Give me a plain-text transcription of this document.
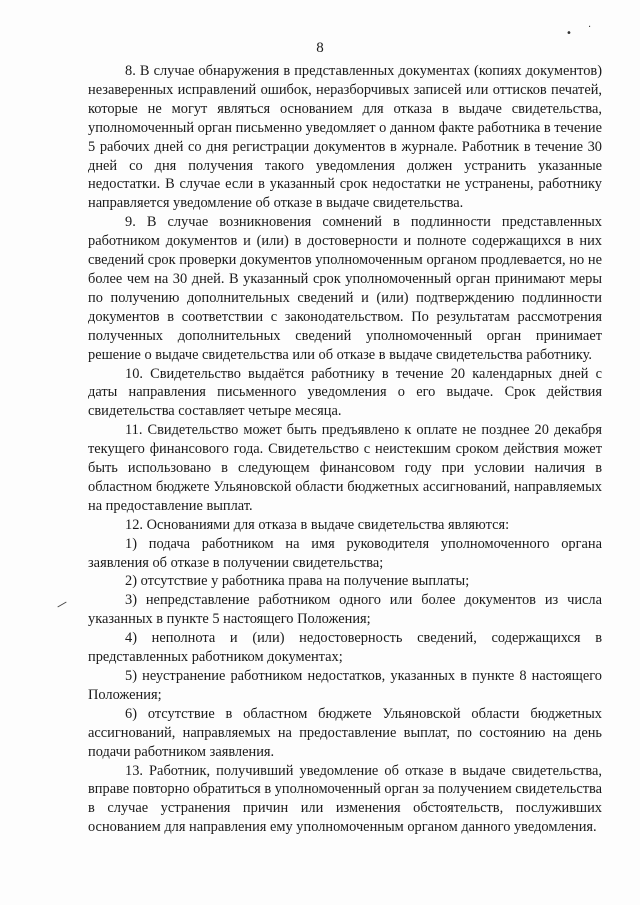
•
·
8

8. В случае обнаружения в представленных документах (копиях документов) незаверенных исправлений ошибок, неразборчивых записей или оттисков печатей, которые не могут являться основанием для отказа в выдаче свидетельства, уполномоченный орган письменно уведомляет о данном факте работника в течение 5 рабочих дней со дня регистрации документов в журнале. Работник в течение 30 дней со дня получения такого уведомления должен устранить указанные недостатки. В случае если в указанный срок недостатки не устранены, работнику направляется уведомление об отказе в выдаче свидетельства.

9. В случае возникновения сомнений в подлинности представленных работником документов и (или) в достоверности и полноте содержащихся в них сведений срок проверки документов уполномоченным органом продлевается, но не более чем на 30 дней. В указанный срок уполномоченный орган принимают меры по получению дополнительных сведений и (или) подтверждению подлинности документов в соответствии с законодательством. По результатам рассмотрения полученных дополнительных сведений уполномоченный орган принимает решение о выдаче свидетельства или об отказе в выдаче свидетельства работнику.

10. Свидетельство выдаётся работнику в течение 20 календарных дней с даты направления письменного уведомления о его выдаче. Срок действия свидетельства составляет четыре месяца.

11. Свидетельство может быть предъявлено к оплате не позднее 20 декабря текущего финансового года. Свидетельство с неистекшим сроком действия может быть использовано в следующем финансовом году при условии наличия в областном бюджете Ульяновской области бюджетных ассигнований, направляемых на предоставление выплат.

12. Основаниями для отказа в выдаче свидетельства являются:

1) подача работником на имя руководителя уполномоченного органа заявления об отказе в получении свидетельства;

2) отсутствие у работника права на получение выплаты;

3) непредставление работником одного или более документов из числа указанных в пункте 5 настоящего Положения;

4) неполнота и (или) недостоверность сведений, содержащихся в представленных работником документах;

5) неустранение работником недостатков, указанных в пункте 8 настоящего Положения;

6) отсутствие в областном бюджете Ульяновской области бюджетных ассигнований, направляемых на предоставление выплат, по состоянию на день подачи работником заявления.

13. Работник, получивший уведомление об отказе в выдаче свидетельства, вправе повторно обратиться в уполномоченный орган за получением свидетельства в случае устранения причин или изменения обстоятельств, послуживших основанием для направления ему уполномоченным органом данного уведомления.
